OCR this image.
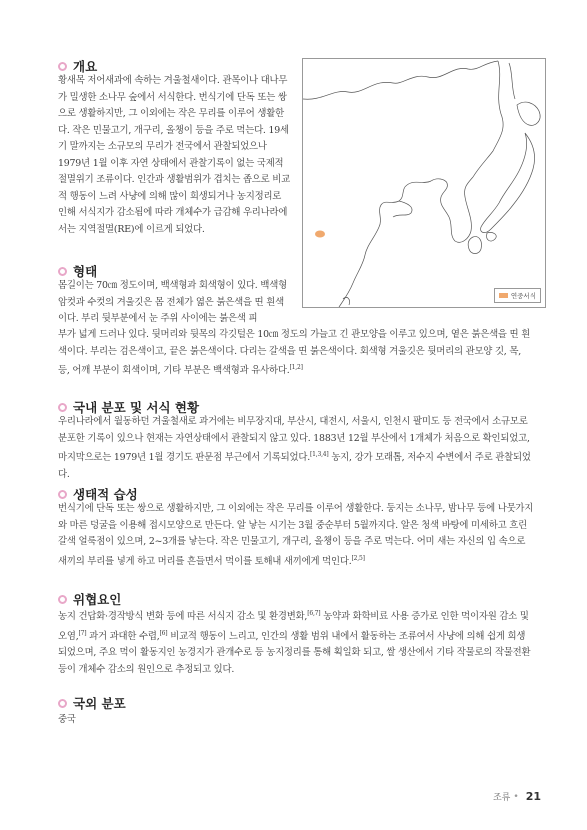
개요
황새목 저어새과에 속하는 겨울철새이다. 관목이나 대나무가 밀생한 소나무 숲에서 서식한다. 번식기에 단독 또는 쌍으로 생활하지만, 그 이외에는 작은 무리를 이루어 생활한다. 작은 민물고기, 개구리, 올챙이 등을 주로 먹는다. 19세기 말까지는 소규모의 무리가 전국에서 관찰되었으나 1979년 1월 이후 자연 상태에서 관찰기록이 없는 국제적 절멸위기 조류이다. 인간과 생활범위가 겹치는 좁으로 비교적 행동이 느려 사냥에 의해 많이 희생되거나 농지정리로 인해 서식지가 감소됨에 따라 개체수가 급감해 우리나라에서는 지역절멸(RE)에 이르게 되었다.
연중서식
형태
몸길이는 70㎝ 정도이며, 백색형과 회색형이 있다. 백색형 암컷과 수컷의 겨울깃은 몸 전체가 엷은 붉은색을 띤 흰색이다. 부리 뒷부분에서 눈 주위 사이에는 붉은색 피
부가 넓게 드러나 있다. 뒷머리와 뒷목의 각깃털은 10㎝ 정도의 가늘고 긴 관모양을 이루고 있으며, 옅은 붉은색을 띤 흰색이다. 부리는 검은색이고, 끝은 붉은색이다. 다리는 갈색을 띤 붉은색이다. 회색형 겨울깃은 뒷머리의 관모양 깃, 목, 등, 어깨 부분이 회색이며, 기타 부분은 백색형과 유사하다.[1,2]
국내 분포 및 서식 현황
우리나라에서 월동하던 겨울철새로 과거에는 비무장지대, 부산시, 대전시, 서울시, 인천시 팔미도 등 전국에서 소규모로 분포한 기록이 있으나 현재는 자연상태에서 관찰되지 않고 있다. 1883년 12월 부산에서 1개체가 처음으로 확인되었고, 마지막으로는 1979년 1월 경기도 판문점 부근에서 기록되었다.[1,3,4] 농지, 강가 모래톱, 저수지 수변에서 주로 관찰되었다.
생태적 습성
번식기에 단독 또는 쌍으로 생활하지만, 그 이외에는 작은 무리를 이루어 생활한다. 둥지는 소나무, 밤나무 등에 나뭇가지와 마른 덩굴을 이용해 접시모양으로 만든다. 알 낳는 시기는 3월 중순부터 5월까지다. 알은 청색 바탕에 미세하고 흐린 갈색 얼룩점이 있으며, 2~3개를 낳는다. 작은 민물고기, 개구리, 올챙이 등을 주로 먹는다. 어미 새는 자신의 입 속으로 새끼의 부리를 넣게 하고 머리를 흔들면서 먹이를 토해내 새끼에게 먹인다.[2,5]
위협요인
농지 건답화·경작방식 변화 등에 따른 서식지 감소 및 환경변화,[6,7] 농약과 화학비료 사용 증가로 인한 먹이자원 감소 및 오염,[7] 과거 과대한 수렵,[6] 비교적 행동이 느리고, 인간의 생활 범위 내에서 활동하는 조류여서 사냥에 의해 쉽게 희생되었으며, 주요 먹이 활동지인 농경지가 관개수로 등 농지정리를 통해 획일화 되고, 쌀 생산에서 기타 작물로의 작물전환 등이 개체수 감소의 원인으로 추정되고 있다.
국외 분포
중국
조류 • 21
